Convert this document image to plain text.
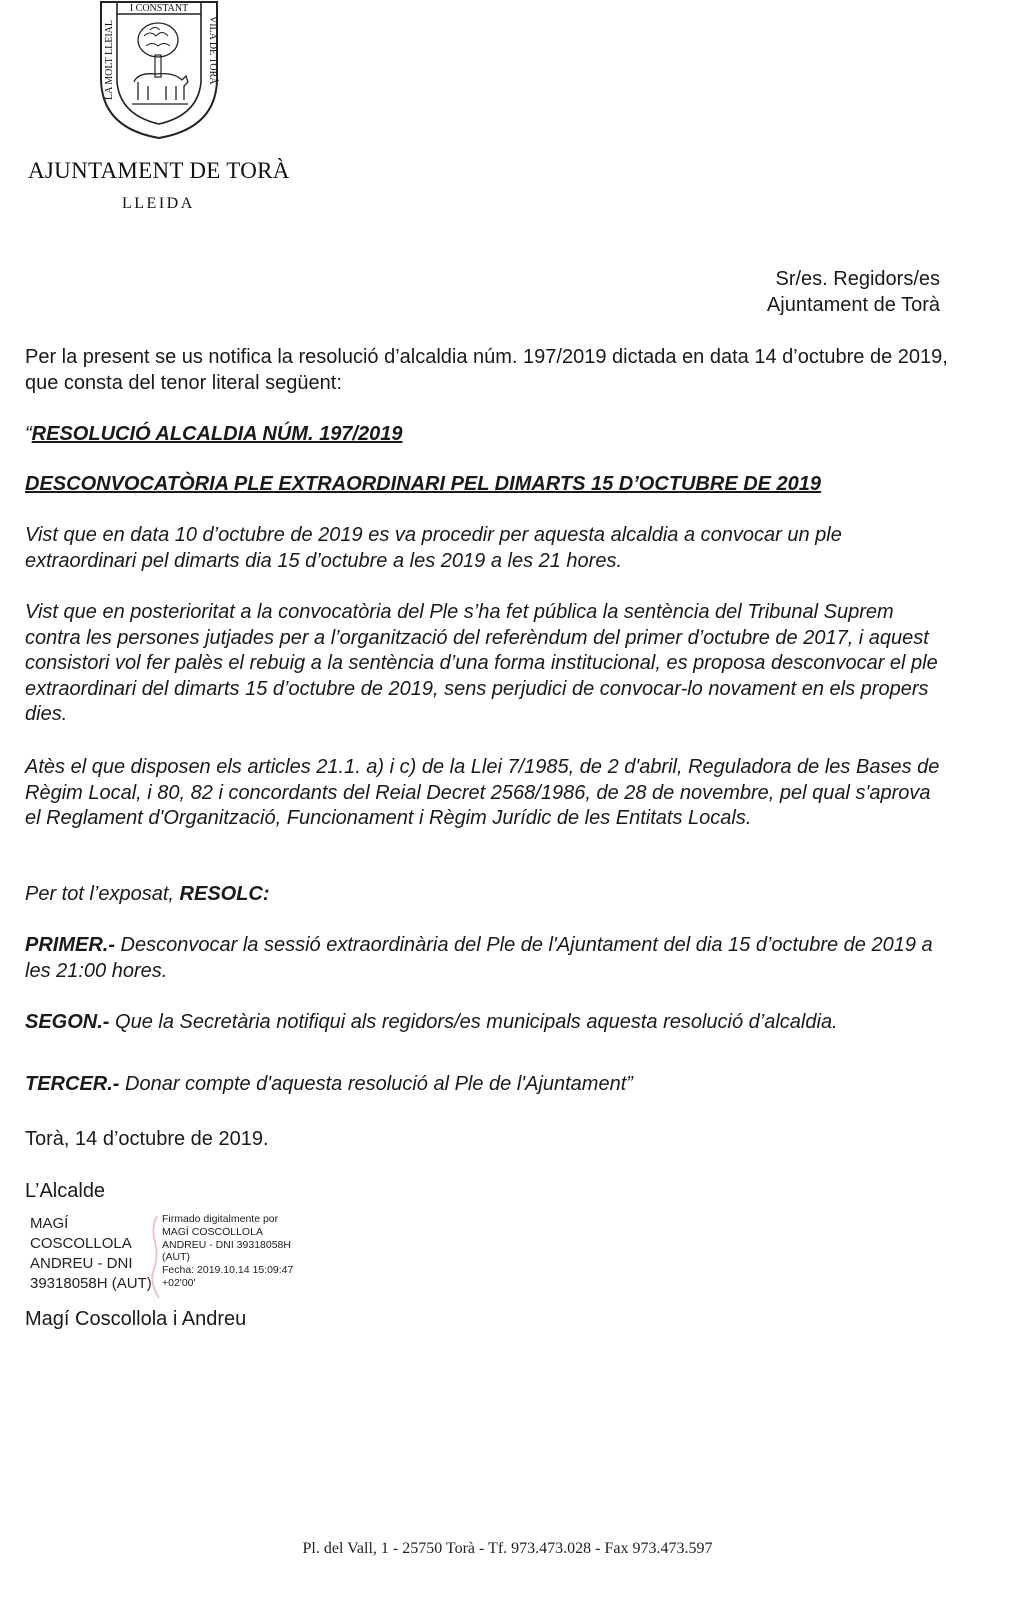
I CONSTANT
LA MOLT LLEIAL	VILA DE TORÀ
AJUNTAMENT DE TORÀ
LLEIDA
Sr/es. Regidors/es
Ajuntament de Torà
Per la present se us notifica la resolució d’alcaldia núm. 197/2019 dictada en data 14 d’octubre de 2019, que consta del tenor literal següent:
“RESOLUCIÓ ALCALDIA NÚM. 197/2019
DESCONVOCATÒRIA PLE EXTRAORDINARI PEL DIMARTS 15 D’OCTUBRE DE 2019
Vist que en data 10 d’octubre de 2019 es va procedir per aquesta alcaldia a convocar un ple extraordinari pel dimarts dia 15 d’octubre a les 2019 a les 21 hores.
Vist que en posterioritat a la convocatòria del Ple s’ha fet pública la sentència del Tribunal Suprem contra les persones jutjades per a l’organització del referèndum del primer d’octubre de 2017, i aquest consistori vol fer palès el rebuig a la sentència d’una forma institucional, es proposa desconvocar el ple extraordinari del dimarts 15 d’octubre de 2019, sens perjudici de convocar-lo novament en els propers dies.
Atès el que disposen els articles 21.1. a) i c) de la Llei 7/1985, de 2 d'abril, Reguladora de les Bases de Règim Local, i 80, 82 i concordants del Reial Decret 2568/1986, de 28 de novembre, pel qual s'aprova el Reglament d'Organització, Funcionament i Règim Jurídic de les Entitats Locals.
Per tot l’exposat, RESOLC:
PRIMER.- Desconvocar la sessió extraordinària del Ple de l'Ajuntament del dia 15 d’octubre de 2019 a les 21:00 hores.
SEGON.- Que la Secretària notifiqui als regidors/es municipals aquesta resolució d’alcaldia.
TERCER.- Donar compte d'aquesta resolució al Ple de l'Ajuntament”
Torà, 14 d’octubre de 2019.
L’Alcalde
MAGÍ
COSCOLLOLA
ANDREU - DNI
39318058H (AUT)
Firmado digitalmente por
MAGÍ COSCOLLOLA
ANDREU - DNI 39318058H
(AUT)
Fecha: 2019.10.14 15:09:47
+02'00'
Magí Coscollola i Andreu
Pl. del Vall, 1 - 25750 Torà - Tf. 973.473.028 - Fax 973.473.597
